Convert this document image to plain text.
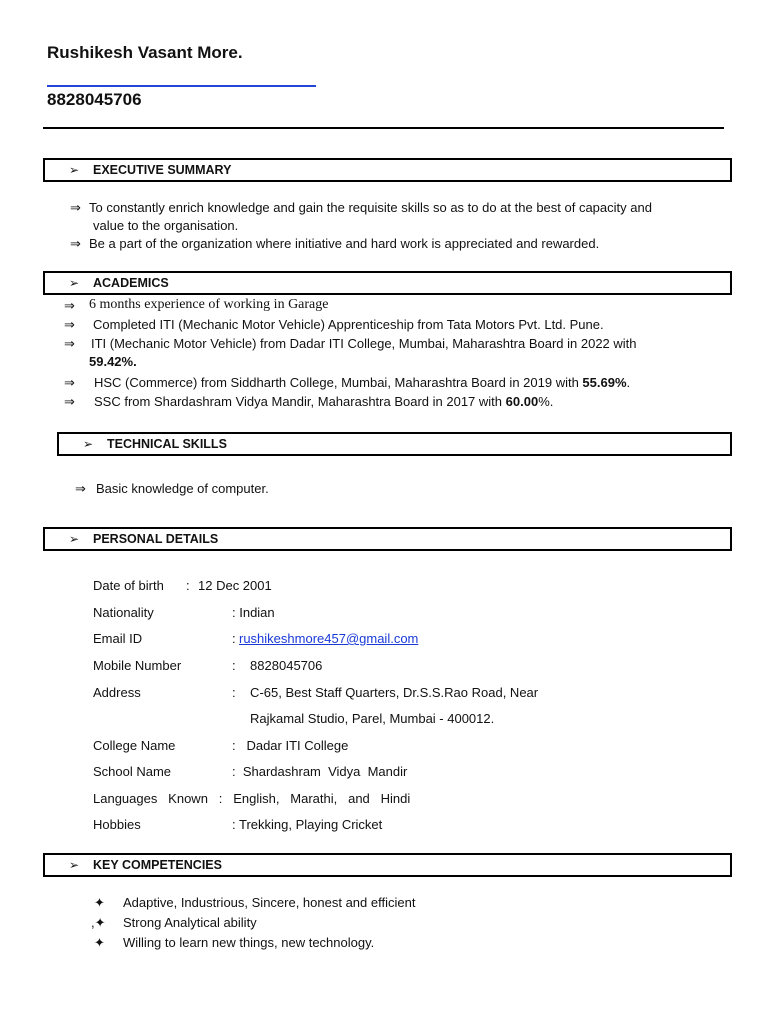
Rushikesh Vasant More.
8828045706
➢	EXECUTIVE SUMMARY
⇒ To constantly enrich knowledge and gain the requisite skills so as to do at the best of capacity and
value to the organisation.
⇒ Be a part of the organization where initiative and hard work is appreciated and rewarded.
➢	ACADEMICS
⇒ 6 months experience of working in Garage
⇒ Completed ITI (Mechanic Motor Vehicle) Apprenticeship from Tata Motors Pvt. Ltd. Pune.
⇒ ITI (Mechanic Motor Vehicle) from Dadar ITI College, Mumbai, Maharashtra Board in 2022 with
59.42%.
⇒ HSC (Commerce) from Siddharth College, Mumbai, Maharashtra Board in 2019 with 55.69%.
⇒ SSC from Shardashram Vidya Mandir, Maharashtra Board in 2017 with 60.00%.
➢	TECHNICAL SKILLS
⇒ Basic knowledge of computer.
➢	PERSONAL DETAILS
Date of birth : 12 Dec 2001
Nationality	: Indian
Email ID	: rushikeshmore457@gmail.com
Mobile Number	:    8828045706
Address	:    C-65, Best Staff Quarters, Dr.S.S.Rao Road, Near
Rajkamal Studio, Parel, Mumbai - 400012.
College Name	:   Dadar ITI College
School Name	:  Shardashram  Vidya  Mandir
Languages   Known   :   English,   Marathi,   and   Hindi
Hobbies	: Trekking, Playing Cricket
➢	KEY COMPETENCIES
✦ Adaptive, Industrious, Sincere, honest and efficient
,✦ Strong Analytical ability
✦ Willing to learn new things, new technology.
